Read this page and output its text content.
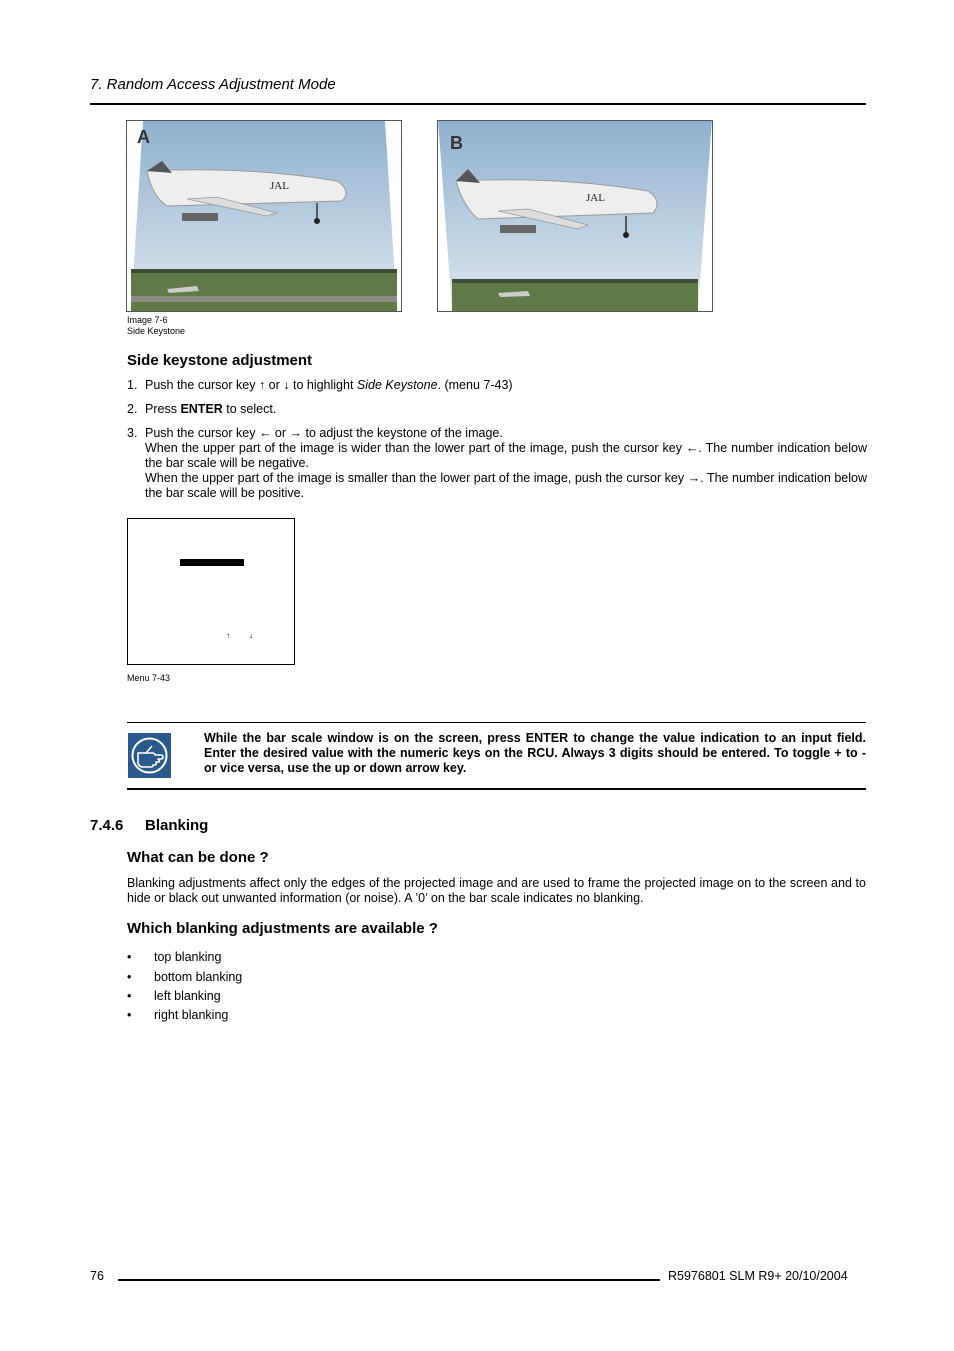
7. Random Access Adjustment Mode
JAL
A
JAL
B
Image 7-6
Side Keystone
Side keystone adjustment
1. Push the cursor key ↑ or ↓ to highlight Side Keystone. (menu 7-43)
2. Press ENTER to select.
3. Push the cursor key ← or → to adjust the keystone of the image.
When the upper part of the image is wider than the lower part of the image, push the cursor key ←. The number indication below the bar scale will be negative.
When the upper part of the image is smaller than the lower part of the image, push the cursor key →. The number indication below the bar scale will be positive.
↑ ↓
Menu 7-43
While the bar scale window is on the screen, press ENTER to change the value indication to an input field. Enter the desired value with the numeric keys on the RCU. Always 3 digits should be entered. To toggle + to - or vice versa, use the up or down arrow key.
7.4.6 Blanking
What can be done ?
Blanking adjustments affect only the edges of the projected image and are used to frame the projected image on to the screen and to hide or black out unwanted information (or noise). A ’0’ on the bar scale indicates no blanking.
Which blanking adjustments are available ?
• top blanking
• bottom blanking
• left blanking
• right blanking
76	R5976801 SLM R9+ 20/10/2004
